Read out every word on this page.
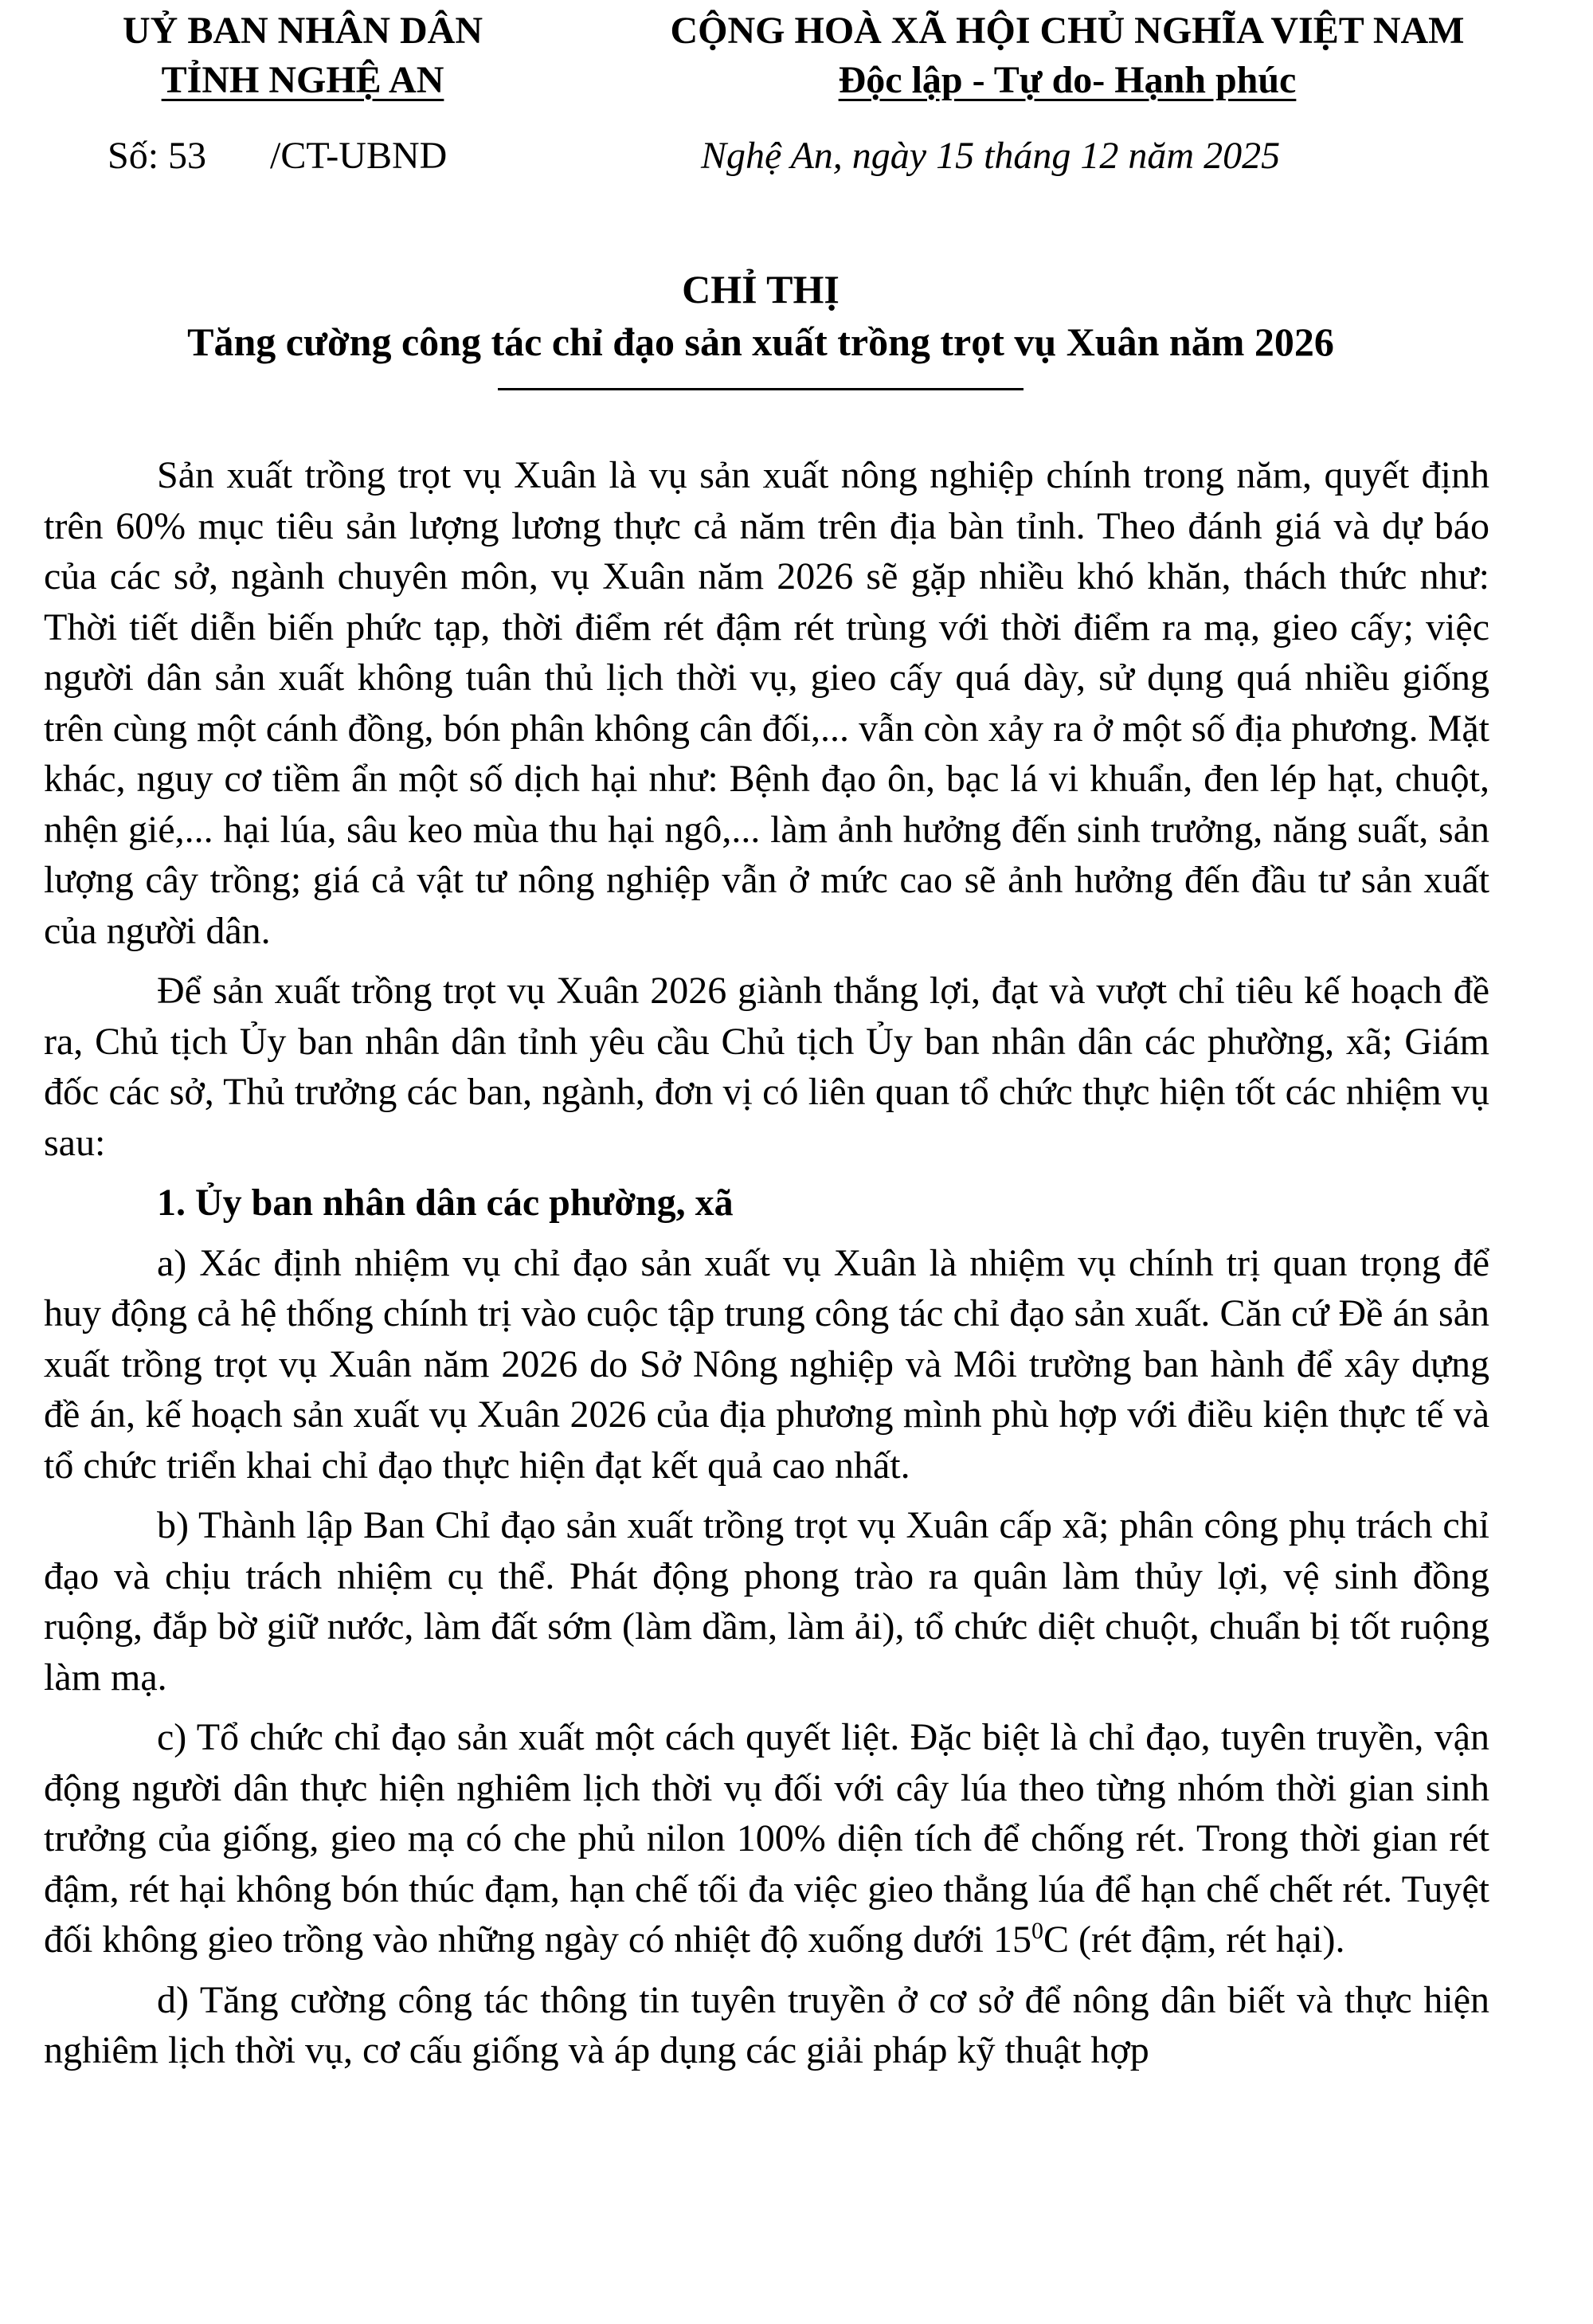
UỶ BAN NHÂN DÂN
TỈNH NGHỆ AN
CỘNG HOÀ XÃ HỘI CHỦ NGHĨA VIỆT NAM
Độc lập - Tự do- Hạnh phúc
Số: 53 /CT-UBND	Nghệ An, ngày 15 tháng 12 năm 2025
CHỈ THỊ
Tăng cường công tác chỉ đạo sản xuất trồng trọt vụ Xuân năm 2026

Sản xuất trồng trọt vụ Xuân là vụ sản xuất nông nghiệp chính trong năm, quyết định trên 60% mục tiêu sản lượng lương thực cả năm trên địa bàn tỉnh. Theo đánh giá và dự báo của các sở, ngành chuyên môn, vụ Xuân năm 2026 sẽ gặp nhiều khó khăn, thách thức như: Thời tiết diễn biến phức tạp, thời điểm rét đậm rét trùng với thời điểm ra mạ, gieo cấy; việc người dân sản xuất không tuân thủ lịch thời vụ, gieo cấy quá dày, sử dụng quá nhiều giống trên cùng một cánh đồng, bón phân không cân đối,... vẫn còn xảy ra ở một số địa phương. Mặt khác, nguy cơ tiềm ẩn một số dịch hại như: Bệnh đạo ôn, bạc lá vi khuẩn, đen lép hạt, chuột, nhện gié,... hại lúa, sâu keo mùa thu hại ngô,... làm ảnh hưởng đến sinh trưởng, năng suất, sản lượng cây trồng; giá cả vật tư nông nghiệp vẫn ở mức cao sẽ ảnh hưởng đến đầu tư sản xuất của người dân.

Để sản xuất trồng trọt vụ Xuân 2026 giành thắng lợi, đạt và vượt chỉ tiêu kế hoạch đề ra, Chủ tịch Ủy ban nhân dân tỉnh yêu cầu Chủ tịch Ủy ban nhân dân các phường, xã; Giám đốc các sở, Thủ trưởng các ban, ngành, đơn vị có liên quan tổ chức thực hiện tốt các nhiệm vụ sau:

1. Ủy ban nhân dân các phường, xã

a) Xác định nhiệm vụ chỉ đạo sản xuất vụ Xuân là nhiệm vụ chính trị quan trọng để huy động cả hệ thống chính trị vào cuộc tập trung công tác chỉ đạo sản xuất. Căn cứ Đề án sản xuất trồng trọt vụ Xuân năm 2026 do Sở Nông nghiệp và Môi trường ban hành để xây dựng đề án, kế hoạch sản xuất vụ Xuân 2026 của địa phương mình phù hợp với điều kiện thực tế và tổ chức triển khai chỉ đạo thực hiện đạt kết quả cao nhất.

b) Thành lập Ban Chỉ đạo sản xuất trồng trọt vụ Xuân cấp xã; phân công phụ trách chỉ đạo và chịu trách nhiệm cụ thể. Phát động phong trào ra quân làm thủy lợi, vệ sinh đồng ruộng, đắp bờ giữ nước, làm đất sớm (làm dầm, làm ải), tổ chức diệt chuột, chuẩn bị tốt ruộng làm mạ.

c) Tổ chức chỉ đạo sản xuất một cách quyết liệt. Đặc biệt là chỉ đạo, tuyên truyền, vận động người dân thực hiện nghiêm lịch thời vụ đối với cây lúa theo từng nhóm thời gian sinh trưởng của giống, gieo mạ có che phủ nilon 100% diện tích để chống rét. Trong thời gian rét đậm, rét hại không bón thúc đạm, hạn chế tối đa việc gieo thẳng lúa để hạn chế chết rét. Tuyệt đối không gieo trồng vào những ngày có nhiệt độ xuống dưới $15^0C$ (rét đậm, rét hại).

d) Tăng cường công tác thông tin tuyên truyền ở cơ sở để nông dân biết và thực hiện nghiêm lịch thời vụ, cơ cấu giống và áp dụng các giải pháp kỹ thuật hợp
